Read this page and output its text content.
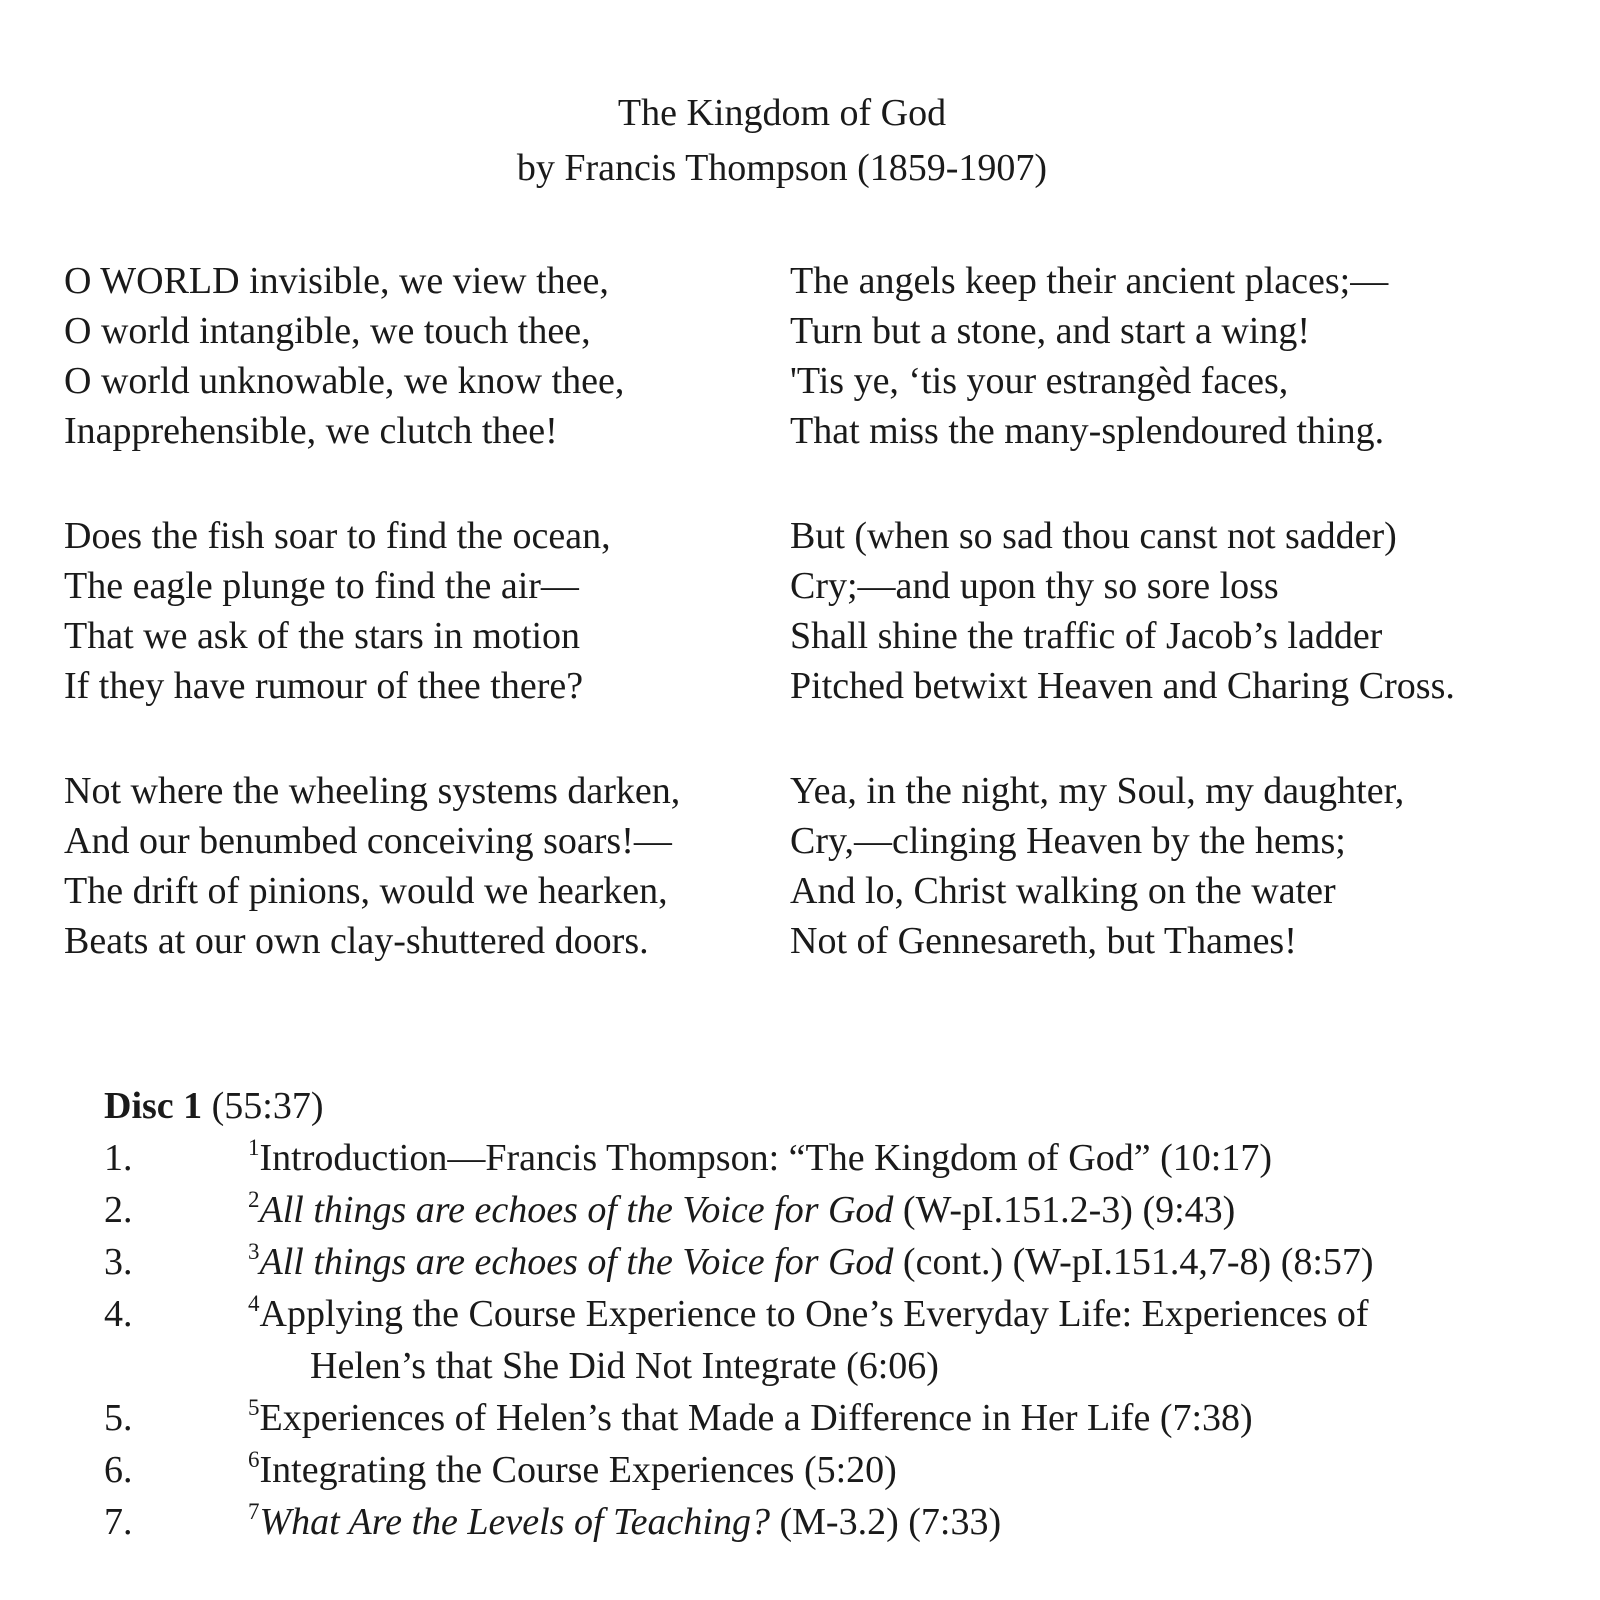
The Kingdom of God
by Francis Thompson (1859-1907)
O WORLD invisible, we view thee,
O world intangible, we touch thee,
O world unknowable, we know thee,
Inapprehensible, we clutch thee!
Does the fish soar to find the ocean,
The eagle plunge to find the air—
That we ask of the stars in motion
If they have rumour of thee there?
Not where the wheeling systems darken,
And our benumbed conceiving soars!—
The drift of pinions, would we hearken,
Beats at our own clay-shuttered doors.
The angels keep their ancient places;—
Turn but a stone, and start a wing!
'Tis ye, ‘tis your estrangèd faces,
That miss the many-splendoured thing.
But (when so sad thou canst not sadder)
Cry;—and upon thy so sore loss
Shall shine the traffic of Jacob’s ladder
Pitched betwixt Heaven and Charing Cross.
Yea, in the night, my Soul, my daughter,
Cry,—clinging Heaven by the hems;
And lo, Christ walking on the water
Not of Gennesareth, but Thames!
Disc 1 (55:37)
1.	$^1$Introduction—Francis Thompson: “The Kingdom of God” (10:17)
2.	$^2$All things are echoes of the Voice for God (W-pI.151.2-3) (9:43)
3.	$^3$All things are echoes of the Voice for God (cont.) (W-pI.151.4,7-8) (8:57)
4.	$^4$Applying the Course Experience to One’s Everyday Life: Experiences of
Helen’s that She Did Not Integrate (6:06)
5.	$^5$Experiences of Helen’s that Made a Difference in Her Life (7:38)
6.	$^6$Integrating the Course Experiences (5:20)
7.	$^7$What Are the Levels of Teaching? (M-3.2) (7:33)
